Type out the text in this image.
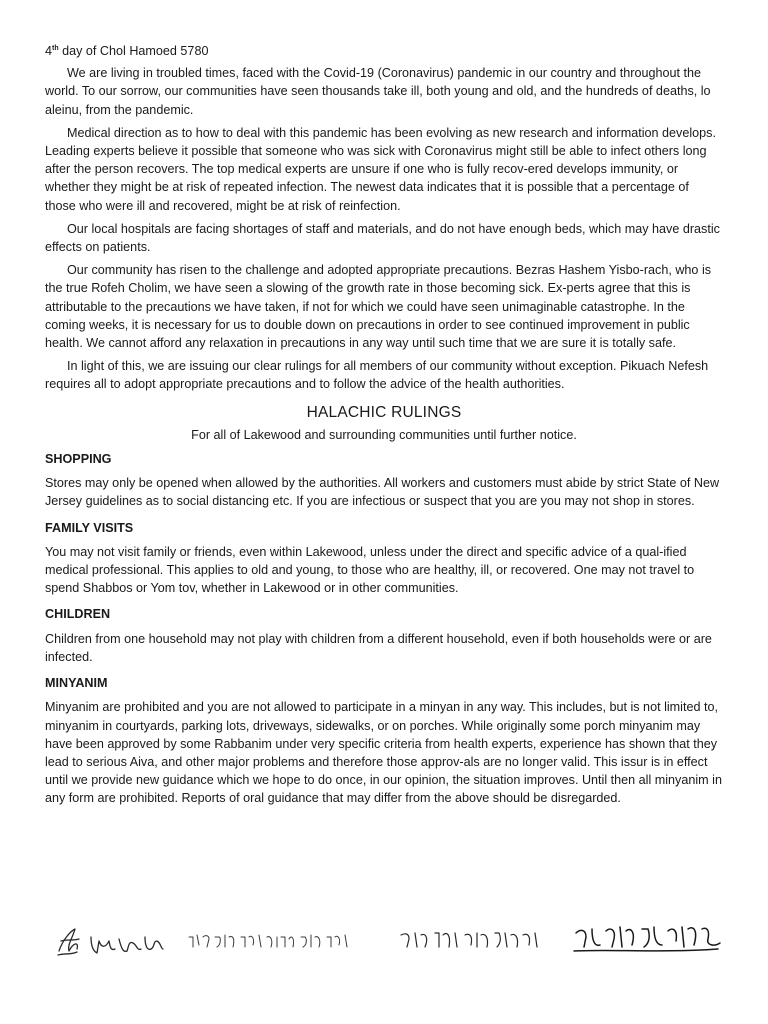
4th day of Chol Hamoed 5780

We are living in troubled times, faced with the Covid-19 (Coronavirus) pandemic in our country and throughout the world. To our sorrow, our communities have seen thousands take ill, both young and old, and the hundreds of deaths, lo aleinu, from the pandemic.

Medical direction as to how to deal with this pandemic has been evolving as new research and information develops. Leading experts believe it possible that someone who was sick with Coronavirus might still be able to infect others long after the person recovers. The top medical experts are unsure if one who is fully recov-ered develops immunity, or whether they might be at risk of repeated infection. The newest data indicates that it is possible that a percentage of those who were ill and recovered, might be at risk of reinfection.

Our local hospitals are facing shortages of staff and materials, and do not have enough beds, which may have drastic effects on patients.

Our community has risen to the challenge and adopted appropriate precautions. Bezras Hashem Yisbo-rach, who is the true Rofeh Cholim, we have seen a slowing of the growth rate in those becoming sick. Ex-perts agree that this is attributable to the precautions we have taken, if not for which we could have seen unimaginable catastrophe. In the coming weeks, it is necessary for us to double down on precautions in order to see continued improvement in public health. We cannot afford any relaxation in precautions in any way until such time that we are sure it is totally safe.

In light of this, we are issuing our clear rulings for all members of our community without exception. Pikuach Nefesh requires all to adopt appropriate precautions and to follow the advice of the health authorities.

HALACHIC RULINGS

For all of Lakewood and surrounding communities until further notice.

SHOPPING

Stores may only be opened when allowed by the authorities. All workers and customers must abide by strict State of New Jersey guidelines as to social distancing etc. If you are infectious or suspect that you are you may not shop in stores.

FAMILY VISITS

You may not visit family or friends, even within Lakewood, unless under the direct and specific advice of a qual-ified medical professional. This applies to old and young, to those who are healthy, ill, or recovered. One may not travel to spend Shabbos or Yom tov, whether in Lakewood or in other communities.

CHILDREN

Children from one household may not play with children from a different household, even if both households were or are infected.

MINYANIM

Minyanim are prohibited and you are not allowed to participate in a minyan in any way. This includes, but is not limited to, minyanim in courtyards, parking lots, driveways, sidewalks, or on porches. While originally some porch minyanim may have been approved by some Rabbanim under very specific criteria from health experts, experience has shown that they lead to serious Aiva, and other major problems and therefore those approv-als are no longer valid. This issur is in effect until we provide new guidance which we hope to do once, in our opinion, the situation improves. Until then all minyanim in any form are prohibited. Reports of oral guidance that may differ from the above should be disregarded.
